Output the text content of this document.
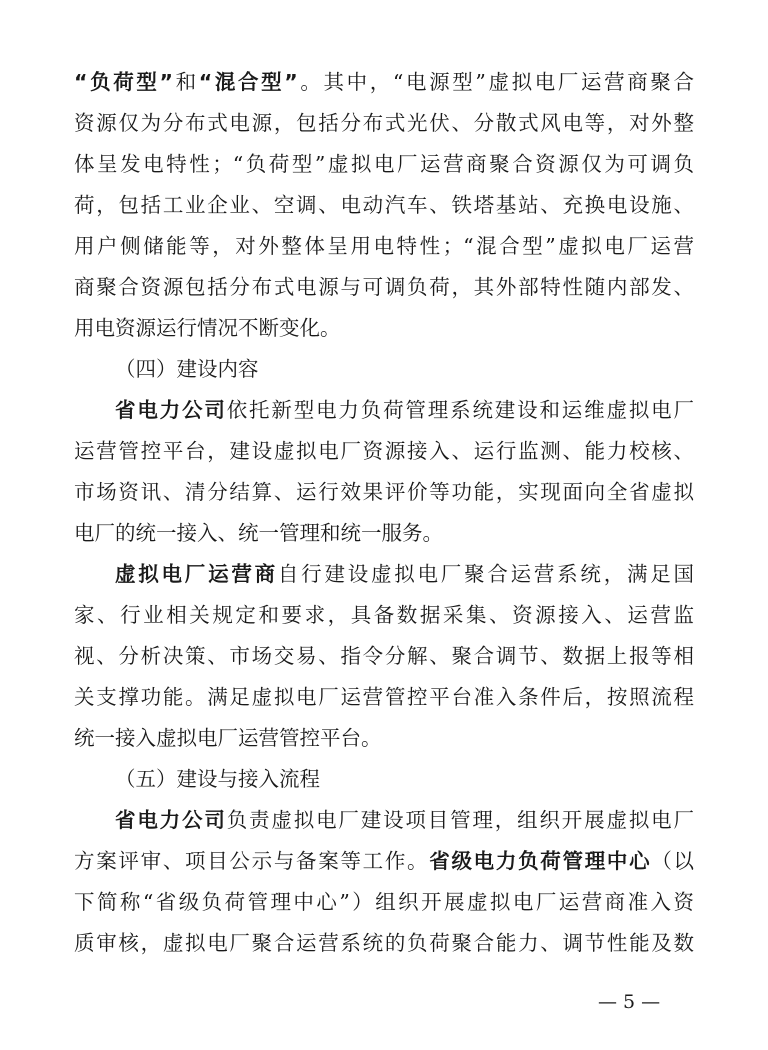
“负荷型”和“混合型”。其中，“电源型”虚拟电厂运营商聚合
资源仅为分布式电源，包括分布式光伏、分散式风电等，对外整
体呈发电特性；“负荷型”虚拟电厂运营商聚合资源仅为可调负
荷，包括工业企业、空调、电动汽车、铁塔基站、充换电设施、
用户侧储能等，对外整体呈用电特性；“混合型”虚拟电厂运营
商聚合资源包括分布式电源与可调负荷，其外部特性随内部发、
用电资源运行情况不断变化。
（四）建设内容
省电力公司依托新型电力负荷管理系统建设和运维虚拟电厂
运营管控平台，建设虚拟电厂资源接入、运行监测、能力校核、
市场资讯、清分结算、运行效果评价等功能，实现面向全省虚拟
电厂的统一接入、统一管理和统一服务。
虚拟电厂运营商自行建设虚拟电厂聚合运营系统，满足国
家、行业相关规定和要求，具备数据采集、资源接入、运营监
视、分析决策、市场交易、指令分解、聚合调节、数据上报等相
关支撑功能。满足虚拟电厂运营管控平台准入条件后，按照流程
统一接入虚拟电厂运营管控平台。
（五）建设与接入流程
省电力公司负责虚拟电厂建设项目管理，组织开展虚拟电厂
方案评审、项目公示与备案等工作。省级电力负荷管理中心（以
下简称“省级负荷管理中心”）组织开展虚拟电厂运营商准入资
质审核，虚拟电厂聚合运营系统的负荷聚合能力、调节性能及数
— 5 —
